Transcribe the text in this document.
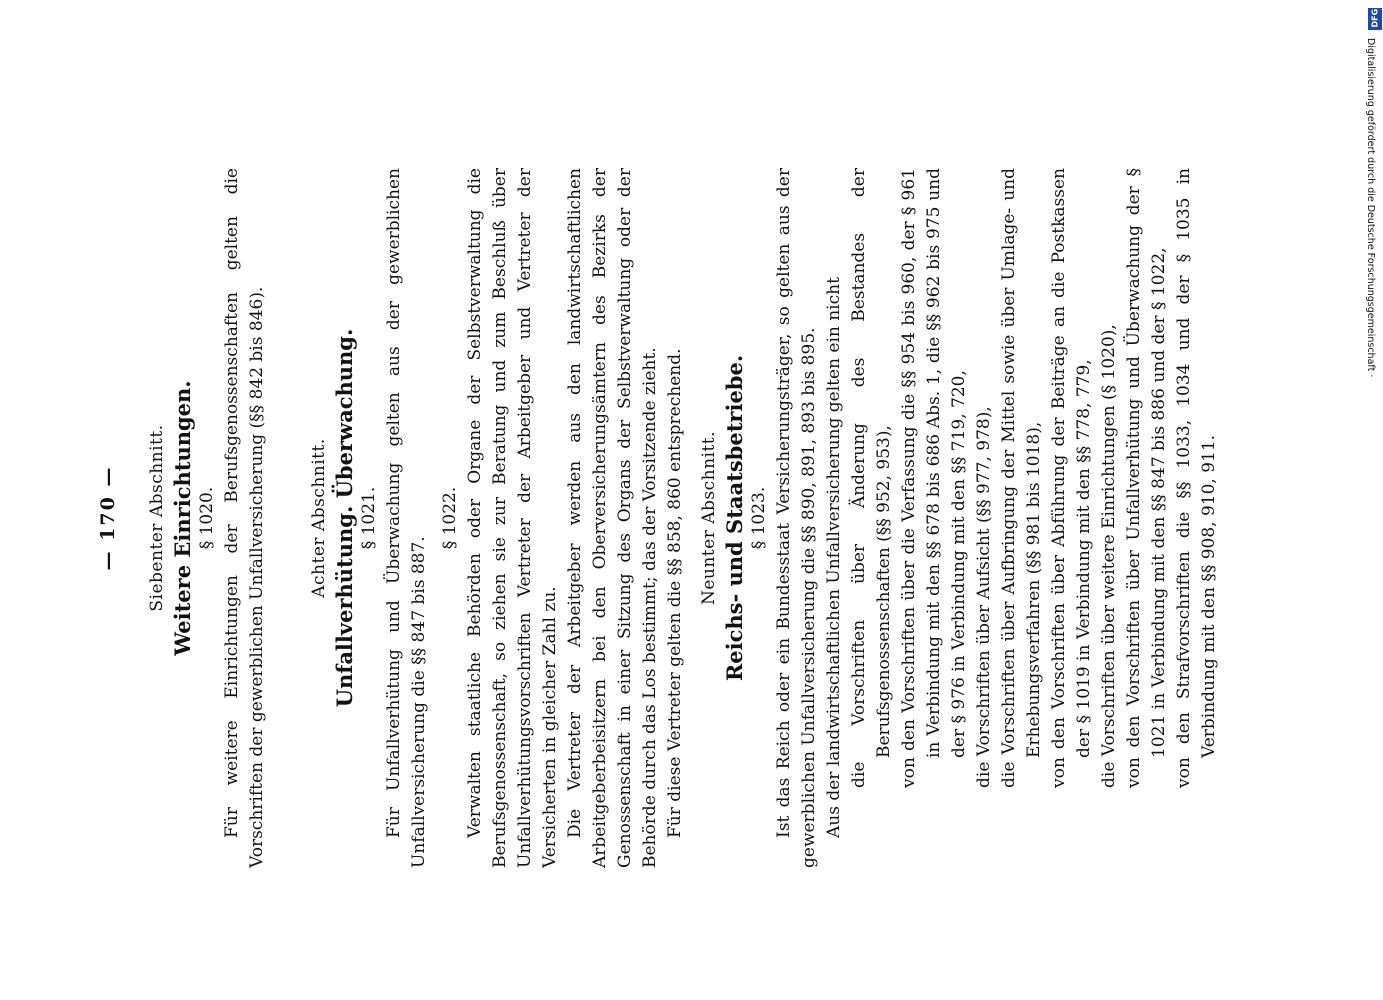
— 170 — Siebenter Abschnitt. Weitere Einrichtungen. § 1020. Für weitere Einrichtungen der Berufsgenossenschaften gelten die Vorschriften der gewerblichen Unfallversicherung (§§ 842 bis 846). Achter Abschnitt. Unfallverhütung. Überwachung. § 1021. Für Unfallverhütung und Überwachung gelten aus der gewerblichen Unfallversicherung die §§ 847 bis 887.

§ 1022. Verwalten staatliche Behörden oder Organe der Selbstverwaltung die Berufsgenossenschaft, so ziehen sie zur Beratung und zum Beschluß über Unfallverhütungsvorschriften Vertreter der Arbeitgeber und Vertreter der Versicherten in gleicher Zahl zu. Die Vertreter der Arbeitgeber werden aus den landwirtschaftlichen Arbeitgeberbeisitzern bei den Oberversicherungsämtern des Bezirks der Genossenschaft in einer Sitzung des Organs der Selbstverwaltung oder der Behörde durch das Los bestimmt; das der Vorsitzende zieht. Für diese Vertreter gelten die §§ 858, 860 entsprechend. Neunter Abschnitt. Reichs- und Staatsbetriebe. § 1023. Ist das Reich oder ein Bundesstaat Versicherungsträger, so gelten aus der gewerblichen Unfallversicherung die §§ 890, 891, 893 bis 895. Aus der landwirtschaftlichen Unfallversicherung gelten ein nicht die Vorschriften über Änderung des Bestandes der Berufsgenossenschaften (§§ 952, 953), von den Vorschriften über die Verfassung die §§ 954 bis 960, der § 961 in Verbindung mit den §§ 678 bis 686 Abs. 1, die §§ 962 bis 975 und der § 976 in Verbindung mit den §§ 719, 720, die Vorschriften über Aufsicht (§§ 977, 978), die Vorschriften über Aufbringung der Mittel sowie über Umlage- und Erhebungsverfahren (§§ 981 bis 1018), von den Vorschriften über Abführung der Beiträge an die Postkassen der § 1019 in Verbindung mit den §§ 778, 779, die Vorschriften über weitere Einrichtungen (§ 1020), von den Vorschriften über Unfallverhütung und Überwachung der § 1021 in Verbindung mit den §§ 847 bis 886 und der § 1022, von den Strafvorschriften die §§ 1033, 1034 und der § 1035 in Verbindung mit den §§ 908, 910, 911.

DFG
Digitalisierung gefördert durch die Deutsche Forschungsgemeinschaft ·
